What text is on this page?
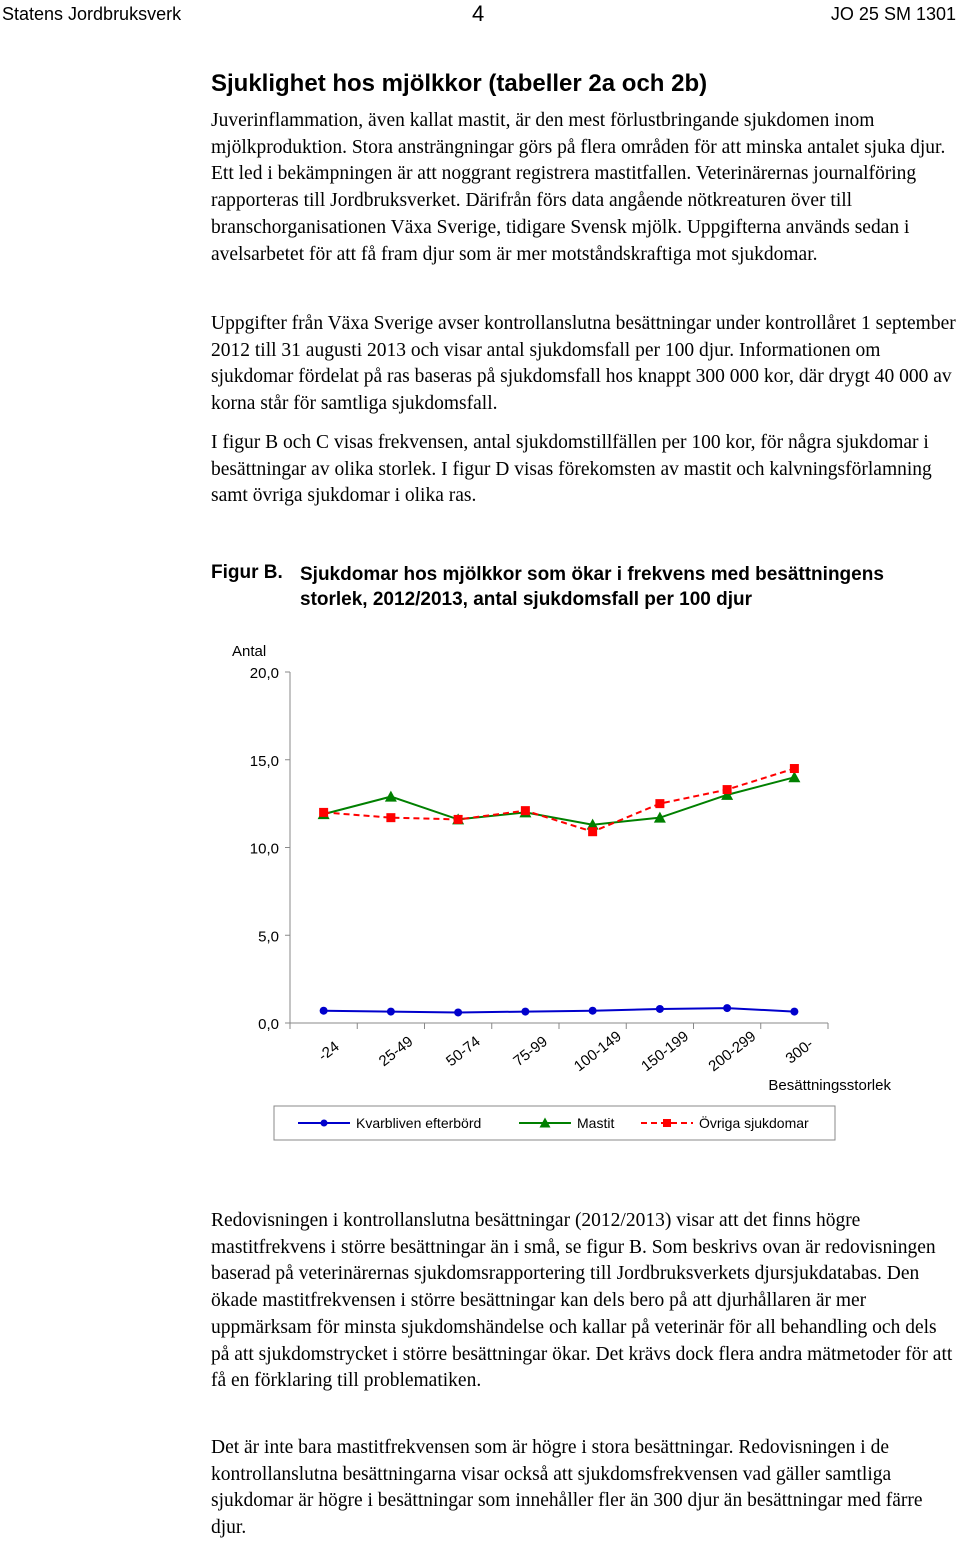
Statens Jordbruksverk	4	JO 25 SM 1301
Sjuklighet hos mjölkkor (tabeller 2a och 2b)

Juverinflammation, även kallat mastit, är den mest förlustbringande sjukdomen inom mjölkproduktion. Stora ansträngningar görs på flera områden för att minska antalet sjuka djur. Ett led i bekämpningen är att noggrant registrera mastitfallen. Veterinärernas journalföring rapporteras till Jordbruksverket. Därifrån förs data angående nötkreaturen över till branschorganisationen Växa Sverige, tidigare Svensk mjölk. Uppgifterna används sedan i avelsarbetet för att få fram djur som är mer motståndskraftiga mot sjukdomar.

Uppgifter från Växa Sverige avser kontrollanslutna besättningar under kontrollåret 1 september 2012 till 31 augusti 2013 och visar antal sjukdomsfall per 100 djur. Informationen om sjukdomar fördelat på ras baseras på sjukdomsfall hos knappt 300 000 kor, där drygt 40 000 av korna står för samtliga sjukdomsfall.

I figur B och C visas frekvensen, antal sjukdomstillfällen per 100 kor, för några sjukdomar i besättningar av olika storlek. I figur D visas förekomsten av mastit och kalvningsförlamning samt övriga sjukdomar i olika ras.

Figur B. Sjukdomar hos mjölkkor som ökar i frekvens med besättningens storlek, 2012/2013, antal sjukdomsfall per 100 djur
0,0
5,0
10,0
15,0
20,0
Antal
-24 25-49 50-74 75-99 100-149 150-199 200-299 300-
Besättningsstorlek
Kvarbliven efterbörd	Mastit	Övriga sjukdomar

Redovisningen i kontrollanslutna besättningar (2012/2013) visar att det finns högre mastitfrekvens i större besättningar än i små, se figur B. Som beskrivs ovan är redovisningen baserad på veterinärernas sjukdomsrapportering till Jordbruksverkets djursjukdatabas. Den ökade mastitfrekvensen i större besättningar kan dels bero på att djurhållaren är mer uppmärksam för minsta sjukdomshändelse och kallar på veterinär för all behandling och dels på att sjukdomstrycket i större besättningar ökar. Det krävs dock flera andra mätmetoder för att få en förklaring till problematiken.

Det är inte bara mastitfrekvensen som är högre i stora besättningar. Redovisningen i de kontrollanslutna besättningarna visar också att sjukdomsfrekvensen vad gäller samtliga sjukdomar är högre i besättningar som innehåller fler än 300 djur än besättningar med färre djur.
